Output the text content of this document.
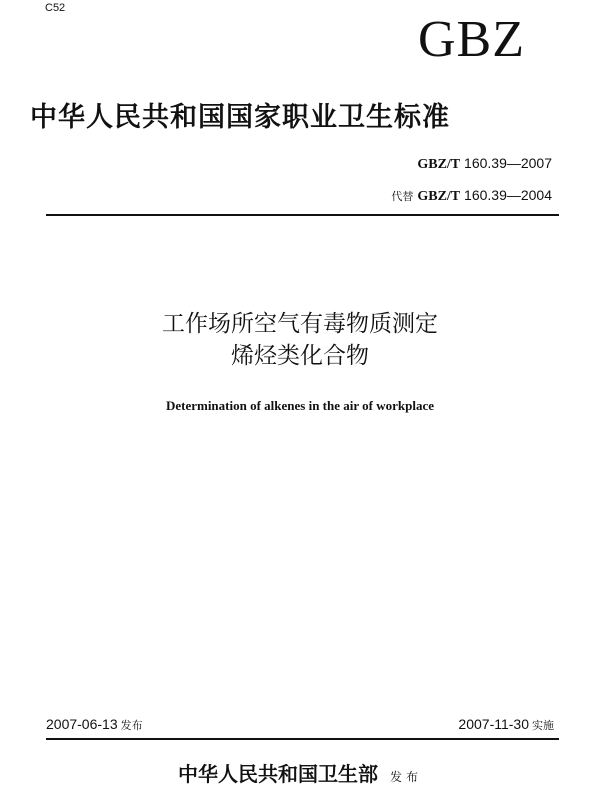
C52
GBZ
中华人民共和国国家职业卫生标准
GBZ/T 160.39—2007
代替 GBZ/T 160.39—2004
工作场所空气有毒物质测定
烯烃类化合物
Determination of alkenes in the air of workplace
2007-06-13 发布	2007-11-30 实施
中华人民共和国卫生部 发布
